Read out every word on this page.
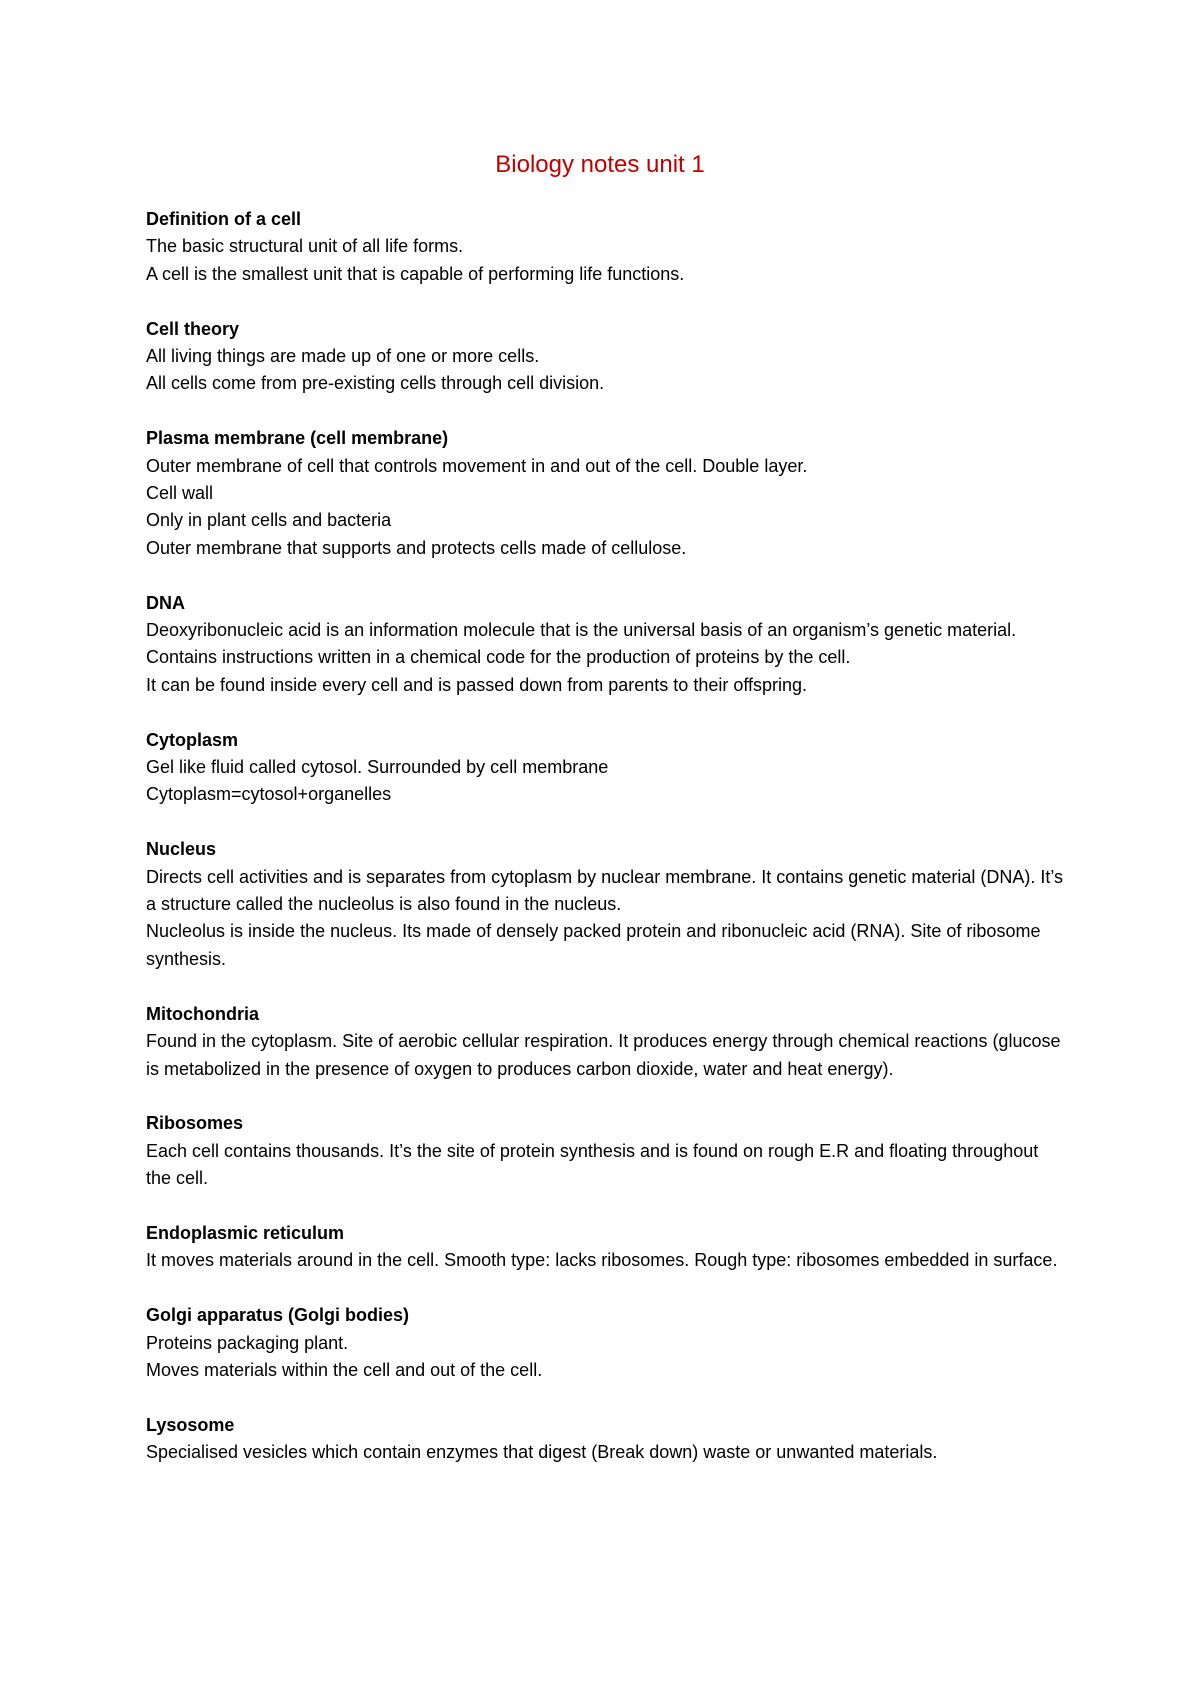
Biology notes unit 1

Definition of a cell

The basic structural unit of all life forms.

A cell is the smallest unit that is capable of performing life functions.

Cell theory

All living things are made up of one or more cells.

All cells come from pre-existing cells through cell division.

Plasma membrane (cell membrane)

Outer membrane of cell that controls movement in and out of the cell. Double layer.

Cell wall

Only in plant cells and bacteria

Outer membrane that supports and protects cells made of cellulose.

DNA

Deoxyribonucleic acid is an information molecule that is the universal basis of an organism’s genetic material.

Contains instructions written in a chemical code for the production of proteins by the cell.

It can be found inside every cell and is passed down from parents to their offspring.

Cytoplasm

Gel like fluid called cytosol. Surrounded by cell membrane

Cytoplasm=cytosol+organelles

Nucleus

Directs cell activities and is separates from cytoplasm by nuclear membrane. It contains genetic material (DNA). It’s a structure called the nucleolus is also found in the nucleus.

Nucleolus is inside the nucleus. Its made of densely packed protein and ribonucleic acid (RNA). Site of ribosome synthesis.

Mitochondria

Found in the cytoplasm. Site of aerobic cellular respiration. It produces energy through chemical reactions (glucose is metabolized in the presence of oxygen to produces carbon dioxide, water and heat energy).

Ribosomes

Each cell contains thousands. It’s the site of protein synthesis and is found on rough E.R and floating throughout the cell.

Endoplasmic reticulum

It moves materials around in the cell. Smooth type: lacks ribosomes. Rough type: ribosomes embedded in surface.

Golgi apparatus (Golgi bodies)

Proteins packaging plant.

Moves materials within the cell and out of the cell.

Lysosome

Specialised vesicles which contain enzymes that digest (Break down) waste or unwanted materials.
